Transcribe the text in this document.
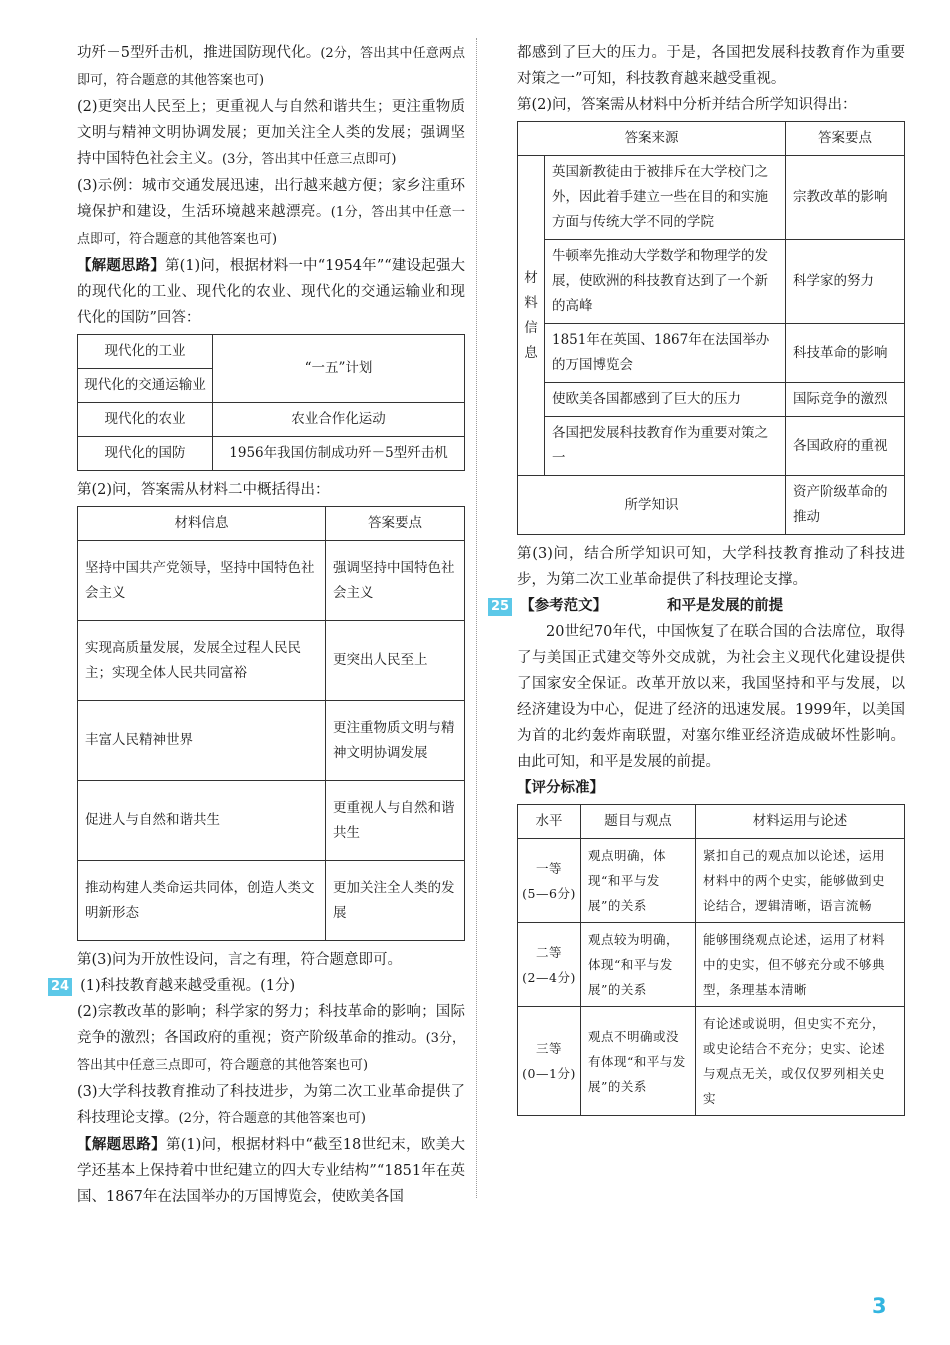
功歼－5型歼击机，推进国防现代化。(2分，答出其中任意两点即可，符合题意的其他答案也可)

(2)更突出人民至上；更重视人与自然和谐共生；更注重物质文明与精神文明协调发展；更加关注全人类的发展；强调坚持中国特色社会主义。(3分，答出其中任意三点即可)

(3)示例：城市交通发展迅速，出行越来越方便；家乡注重环境保护和建设，生活环境越来越漂亮。(1分，答出其中任意一点即可，符合题意的其他答案也可)

【解题思路】第(1)问，根据材料一中“1954年”“建设起强大的现代化的工业、现代化的农业、现代化的交通运输业和现代化的国防”回答：

现代化的工业	“一五”计划
现代化的交通运输业	
现代化的农业	农业合作化运动
现代化的国防	1956年我国仿制成功歼－5型歼击机

第(2)问，答案需从材料二中概括得出：

材料信息	答案要点
坚持中国共产党领导，坚持中国特色社会主义	强调坚持中国特色社会主义
实现高质量发展，发展全过程人民民主；实现全体人民共同富裕	更突出人民至上
丰富人民精神世界	更注重物质文明与精神文明协调发展
促进人与自然和谐共生	更重视人与自然和谐共生
推动构建人类命运共同体，创造人类文明新形态	更加关注全人类的发展

第(3)问为开放性设问，言之有理，符合题意即可。

24 (1)科技教育越来越受重视。(1分)

(2)宗教改革的影响；科学家的努力；科技革命的影响；国际竞争的激烈；各国政府的重视；资产阶级革命的推动。(3分，答出其中任意三点即可，符合题意的其他答案也可)

(3)大学科技教育推动了科技进步，为第二次工业革命提供了科技理论支撑。(2分，符合题意的其他答案也可)

【解题思路】第(1)问，根据材料中“截至18世纪末，欧美大学还基本上保持着中世纪建立的四大专业结构”“1851年在英国、1867年在法国举办的万国博览会，使欧美各国

都感到了巨大的压力。于是，各国把发展科技教育作为重要对策之一”可知，科技教育越来越受重视。

第(2)问，答案需从材料中分析并结合所学知识得出：

答案来源		答案要点
材料信息	英国新教徒由于被排斥在大学校门之外，因此着手建立一些在目的和实施方面与传统大学不同的学院	宗教改革的影响
	牛顿率先推动大学数学和物理学的发展，使欧洲的科技教育达到了一个新的高峰	科学家的努力
	1851年在英国、1867年在法国举办的万国博览会	科技革命的影响
	使欧美各国都感到了巨大的压力	国际竞争的激烈
	各国把发展科技教育作为重要对策之一	各国政府的重视
所学知识		资产阶级革命的推动

第(3)问，结合所学知识可知，大学科技教育推动了科技进步，为第二次工业革命提供了科技理论支撑。

25 【参考范文】	和平是发展的前提

20世纪70年代，中国恢复了在联合国的合法席位，取得了与美国正式建交等外交成就，为社会主义现代化建设提供了国家安全保证。改革开放以来，我国坚持和平与发展，以经济建设为中心，促进了经济的迅速发展。1999年，以美国为首的北约轰炸南联盟，对塞尔维亚经济造成破坏性影响。由此可知，和平是发展的前提。

【评分标准】

水平	题目与观点	材料运用与论述

一等
(5—6分)	观点明确，体现“和平与发展”的关系	紧扣自己的观点加以论述，运用材料中的两个史实，能够做到史论结合，逻辑清晰，语言流畅

二等
(2—4分)	观点较为明确，体现“和平与发展”的关系	能够围绕观点论述，运用了材料中的史实，但不够充分或不够典型，条理基本清晰

三等
(0—1分)	观点不明确或没有体现“和平与发展”的关系	有论述或说明，但史实不充分，或史论结合不充分；史实、论述与观点无关，或仅仅罗列相关史实
3
